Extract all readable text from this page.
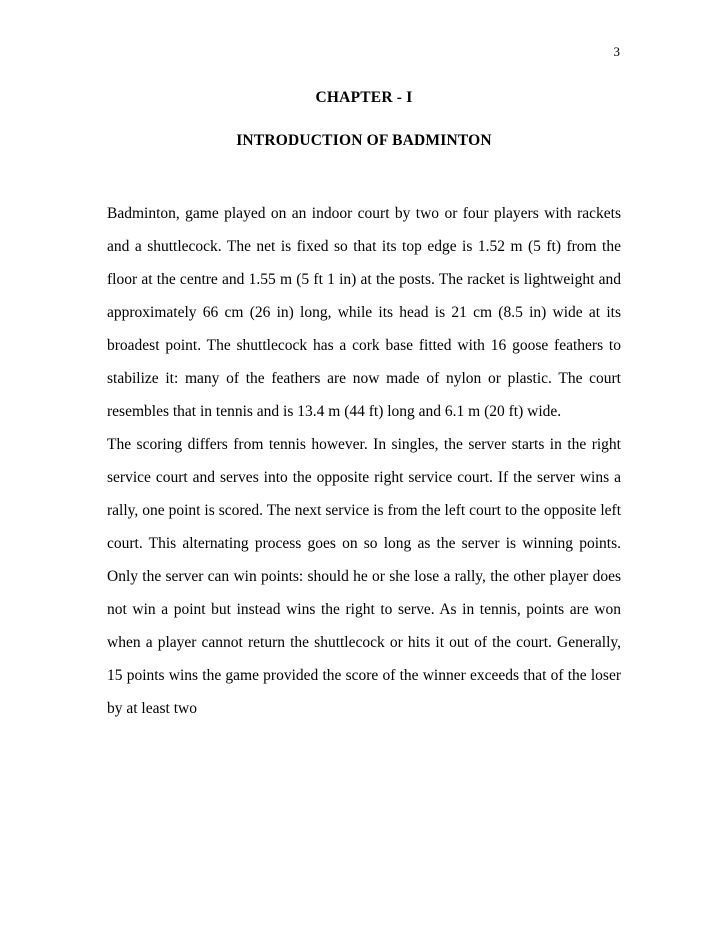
3
CHAPTER - I
INTRODUCTION OF BADMINTON

Badminton, game played on an indoor court by two or four players with rackets and a shuttlecock. The net is fixed so that its top edge is 1.52 m (5 ft) from the floor at the centre and 1.55 m (5 ft 1 in) at the posts. The racket is lightweight and approximately 66 cm (26 in) long, while its head is 21 cm (8.5 in) wide at its broadest point. The shuttlecock has a cork base fitted with 16 goose feathers to stabilize it: many of the feathers are now made of nylon or plastic. The court resembles that in tennis and is 13.4 m (44 ft) long and 6.1 m (20 ft) wide.

The scoring differs from tennis however. In singles, the server starts in the right service court and serves into the opposite right service court. If the server wins a rally, one point is scored. The next service is from the left court to the opposite left court. This alternating process goes on so long as the server is winning points. Only the server can win points: should he or she lose a rally, the other player does not win a point but instead wins the right to serve. As in tennis, points are won when a player cannot return the shuttlecock or hits it out of the court. Generally, 15 points wins the game provided the score of the winner exceeds that of the loser by at least two
